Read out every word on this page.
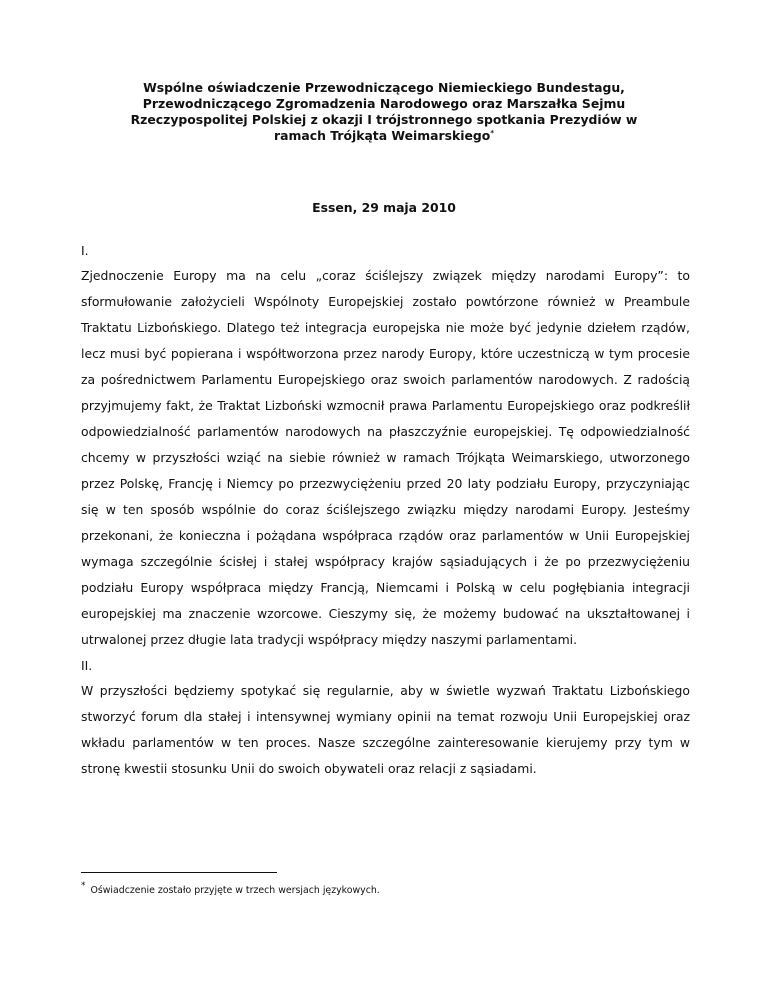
Wspólne oświadczenie Przewodniczącego Niemieckiego Bundestagu, Przewodniczącego Zgromadzenia Narodowego oraz Marszałka Sejmu Rzeczypospolitej Polskiej z okazji I trójstronnego spotkania Prezydiów w ramach Trójkąta Weimarskiego*

Essen, 29 maja 2010

I.

Zjednoczenie Europy ma na celu „coraz ściślejszy związek między narodami Europy”: to sformułowanie założycieli Wspólnoty Europejskiej zostało powtórzone również w Preambule Traktatu Lizbońskiego. Dlatego też integracja europejska nie może być jedynie dziełem rządów, lecz musi być popierana i współtworzona przez narody Europy, które uczestniczą w tym procesie za pośrednictwem Parlamentu Europejskiego oraz swoich parlamentów narodowych. Z radością przyjmujemy fakt, że Traktat Lizboński wzmocnił prawa Parlamentu Europejskiego oraz podkreślił odpowiedzialność parlamentów narodowych na płaszczyźnie europejskiej. Tę odpowiedzialność chcemy w przyszłości wziąć na siebie również w ramach Trójkąta Weimarskiego, utworzonego przez Polskę, Francję i Niemcy po przezwyciężeniu przed 20 laty podziału Europy, przyczyniając się w ten sposób wspólnie do coraz ściślejszego związku między narodami Europy. Jesteśmy przekonani, że konieczna i pożądana współpraca rządów oraz parlamentów w Unii Europejskiej wymaga szczególnie ścisłej i stałej współpracy krajów sąsiadujących i że po przezwyciężeniu podziału Europy współpraca między Francją, Niemcami i Polską w celu pogłębiania integracji europejskiej ma znaczenie wzorcowe. Cieszymy się, że możemy budować na ukształtowanej i utrwalonej przez długie lata tradycji współpracy między naszymi parlamentami.

II.

W przyszłości będziemy spotykać się regularnie, aby w świetle wyzwań Traktatu Lizbońskiego stworzyć forum dla stałej i intensywnej wymiany opinii na temat rozwoju Unii Europejskiej oraz wkładu parlamentów w ten proces. Nasze szczególne zainteresowanie kierujemy przy tym w stronę kwestii stosunku Unii do swoich obywateli oraz relacji z sąsiadami.

* Oświadczenie zostało przyjęte w trzech wersjach językowych.
